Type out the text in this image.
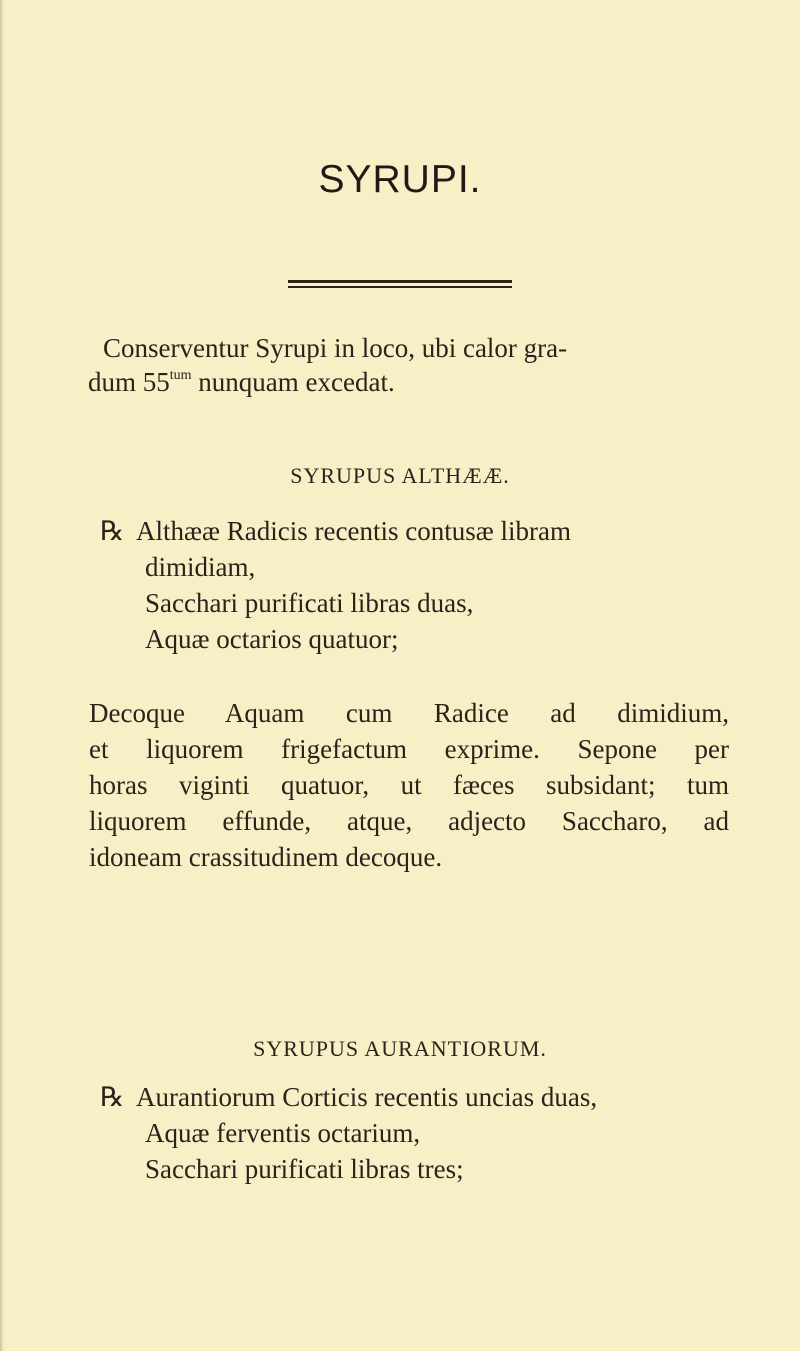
SYRUPI.

Conserventur Syrupi in loco, ubi calor gra-
dum $55^{tum}$ nunquam excedat.

SYRUPUS ALTHÆÆ.
℞ Althææ Radicis recentis contusæ libram
dimidiam,
Sacchari purificati libras duas,
Aquæ octarios quatuor;
Decoque Aquam cum Radice ad dimidium,
et liquorem frigefactum exprime. Sepone per
horas viginti quatuor, ut fæces subsidant; tum
liquorem effunde, atque, adjecto Saccharo, ad
idoneam crassitudinem decoque.
SYRUPUS AURANTIORUM.
℞ Aurantiorum Corticis recentis uncias duas,
Aquæ ferventis octarium,
Sacchari purificati libras tres;
